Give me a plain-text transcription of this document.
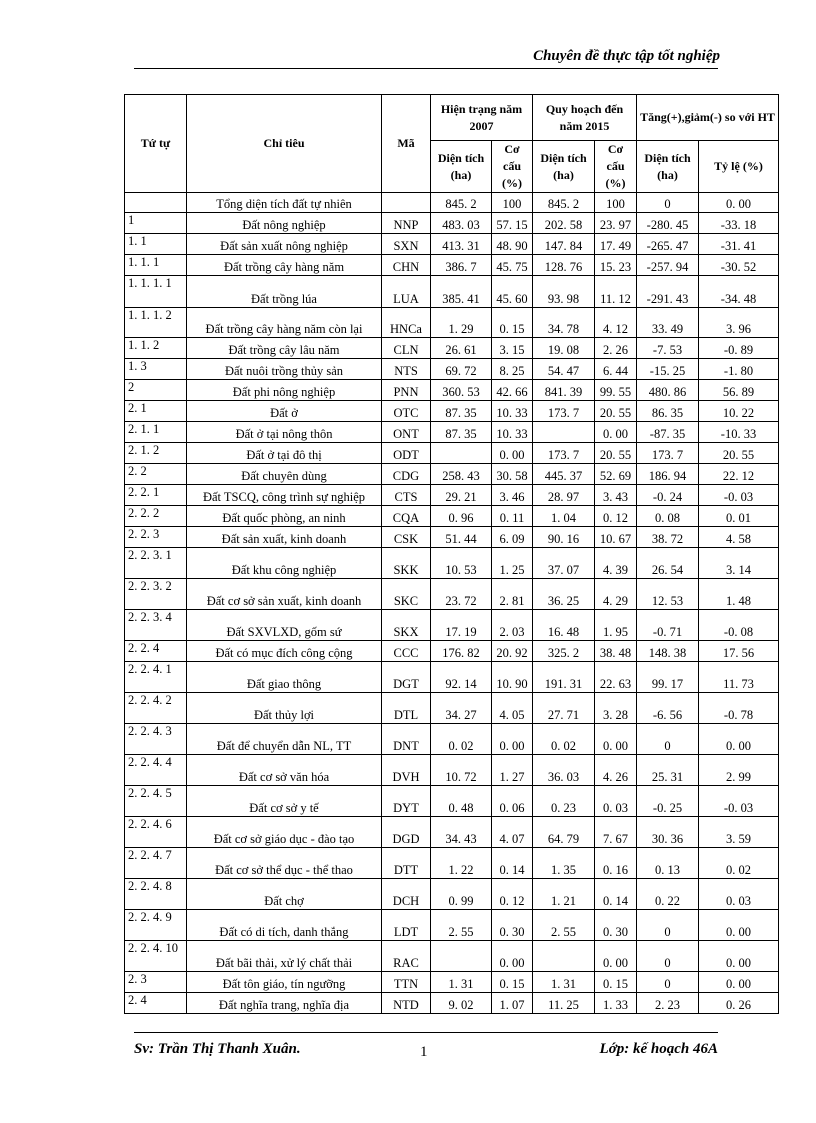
Chuyên đề thực tập tốt nghiệp
Tứ tự	Chỉ tiêu	Mã	Hiện trạng năm 2007		Quy hoạch đến năm 2015		Tăng(+),giảm(-) so với HT	
			Diện tích (ha)	Cơ cấu (%)	Diện tích (ha)	Cơ cấu (%)	Diện tích (ha)	Tỷ lệ (%)
	Tổng diện tích đất tự nhiên		845. 2	100	845. 2	100	0	0. 00
1	Đất nông nghiệp	NNP	483. 03	57. 15	202. 58	23. 97	-280. 45	-33. 18
1. 1	Đất sản xuất nông nghiệp	SXN	413. 31	48. 90	147. 84	17. 49	-265. 47	-31. 41
1. 1. 1	Đất trồng cây hàng năm	CHN	386. 7	45. 75	128. 76	15. 23	-257. 94	-30. 52
1. 1. 1. 1	Đất trồng lúa	LUA	385. 41	45. 60	93. 98	11. 12	-291. 43	-34. 48
1. 1. 1. 2	Đất trồng cây hàng năm còn lại	HNCa	1. 29	0. 15	34. 78	4. 12	33. 49	3. 96
1. 1. 2	Đất trồng cây lâu năm	CLN	26. 61	3. 15	19. 08	2. 26	-7. 53	-0. 89
1. 3	Đất nuôi trồng thủy sản	NTS	69. 72	8. 25	54. 47	6. 44	-15. 25	-1. 80
2	Đất phi nông nghiệp	PNN	360. 53	42. 66	841. 39	99. 55	480. 86	56. 89
2. 1	Đất ở	OTC	87. 35	10. 33	173. 7	20. 55	86. 35	10. 22
2. 1. 1	Đất ở tại nông thôn	ONT	87. 35	10. 33		0. 00	-87. 35	-10. 33
2. 1. 2	Đất ở tại đô thị	ODT		0. 00	173. 7	20. 55	173. 7	20. 55
2. 2	Đất chuyên dùng	CDG	258. 43	30. 58	445. 37	52. 69	186. 94	22. 12
2. 2. 1	Đất TSCQ, công trình sự nghiệp	CTS	29. 21	3. 46	28. 97	3. 43	-0. 24	-0. 03
2. 2. 2	Đất quốc phòng, an ninh	CQA	0. 96	0. 11	1. 04	0. 12	0. 08	0. 01
2. 2. 3	Đất sản xuất, kinh doanh	CSK	51. 44	6. 09	90. 16	10. 67	38. 72	4. 58
2. 2. 3. 1	Đất khu công nghiệp	SKK	10. 53	1. 25	37. 07	4. 39	26. 54	3. 14
2. 2. 3. 2	Đất cơ sở sản xuất, kinh doanh	SKC	23. 72	2. 81	36. 25	4. 29	12. 53	1. 48
2. 2. 3. 4	Đất SXVLXD, gốm sứ	SKX	17. 19	2. 03	16. 48	1. 95	-0. 71	-0. 08
2. 2. 4	Đất có mục đích công cộng	CCC	176. 82	20. 92	325. 2	38. 48	148. 38	17. 56
2. 2. 4. 1	Đất giao thông	DGT	92. 14	10. 90	191. 31	22. 63	99. 17	11. 73
2. 2. 4. 2	Đất thủy lợi	DTL	34. 27	4. 05	27. 71	3. 28	-6. 56	-0. 78
2. 2. 4. 3	Đất để chuyển dẫn NL, TT	DNT	0. 02	0. 00	0. 02	0. 00	0	0. 00
2. 2. 4. 4	Đất cơ sở văn hóa	DVH	10. 72	1. 27	36. 03	4. 26	25. 31	2. 99
2. 2. 4. 5	Đất cơ sở y tế	DYT	0. 48	0. 06	0. 23	0. 03	-0. 25	-0. 03
2. 2. 4. 6	Đất cơ sở giáo dục - đào tạo	DGD	34. 43	4. 07	64. 79	7. 67	30. 36	3. 59
2. 2. 4. 7	Đất cơ sở thể dục - thể thao	DTT	1. 22	0. 14	1. 35	0. 16	0. 13	0. 02
2. 2. 4. 8	Đất chợ	DCH	0. 99	0. 12	1. 21	0. 14	0. 22	0. 03
2. 2. 4. 9	Đất có di tích, danh thắng	LDT	2. 55	0. 30	2. 55	0. 30	0	0. 00
2. 2. 4. 10	Đất bãi thải, xử lý chất thải	RAC		0. 00		0. 00	0	0. 00
2. 3	Đất tôn giáo, tín ngưỡng	TTN	1. 31	0. 15	1. 31	0. 15	0	0. 00
2. 4	Đất nghĩa trang, nghĩa địa	NTD	9. 02	1. 07	11. 25	1. 33	2. 23	0. 26
Sv: Trần Thị Thanh Xuân.	1	Lớp: kế hoạch 46A
